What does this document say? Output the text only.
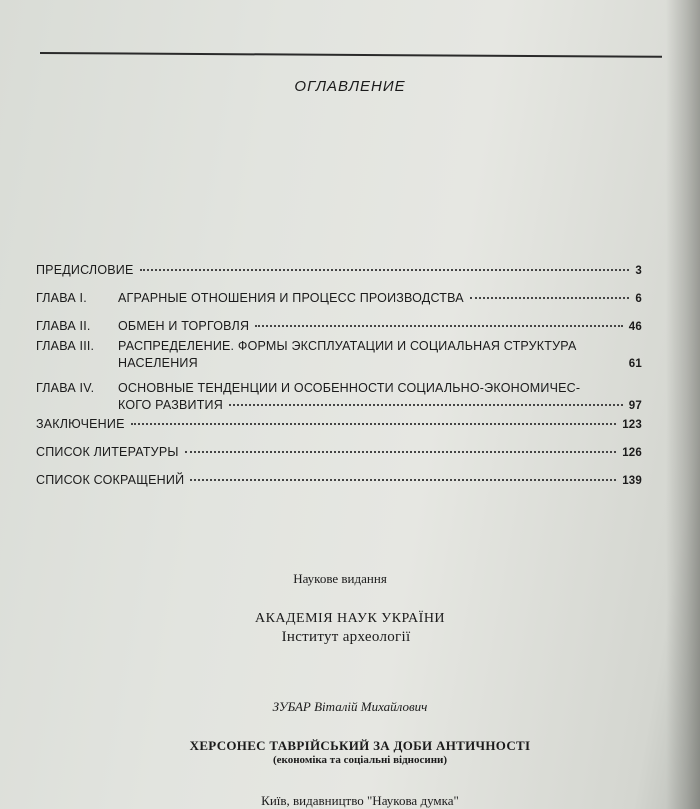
ОГЛАВЛЕНИЕ
ПРЕДИСЛОВИЕ	3
ГЛАВА I.	АГРАРНЫЕ ОТНОШЕНИЯ И ПРОЦЕСС ПРОИЗВОДСТВА	6
ГЛАВА II.	ОБМЕН И ТОРГОВЛЯ	46
ГЛАВА III.	РАСПРЕДЕЛЕНИЕ. ФОРМЫ ЭКСПЛУАТАЦИИ И СОЦИАЛЬНАЯ СТРУКТУРА
НАСЕЛЕНИЯ	61
ГЛАВА IV.	ОСНОВНЫЕ ТЕНДЕНЦИИ И ОСОБЕННОСТИ СОЦИАЛЬНО-ЭКОНОМИЧЕС-
КОГО РАЗВИТИЯ	97
ЗАКЛЮЧЕНИЕ	123
СПИСОК ЛИТЕРАТУРЫ	126
СПИСОК СОКРАЩЕНИЙ	139
Наукове видання
АКАДЕМІЯ НАУК УКРАЇНИ
Інститут археології
ЗУБАР Віталій Михайлович
ХЕРСОНЕС ТАВРІЙСЬКИЙ ЗА ДОБИ АНТИЧНОСТІ
(економіка та соціальні відносини)
Київ, видавництво "Наукова думка"
